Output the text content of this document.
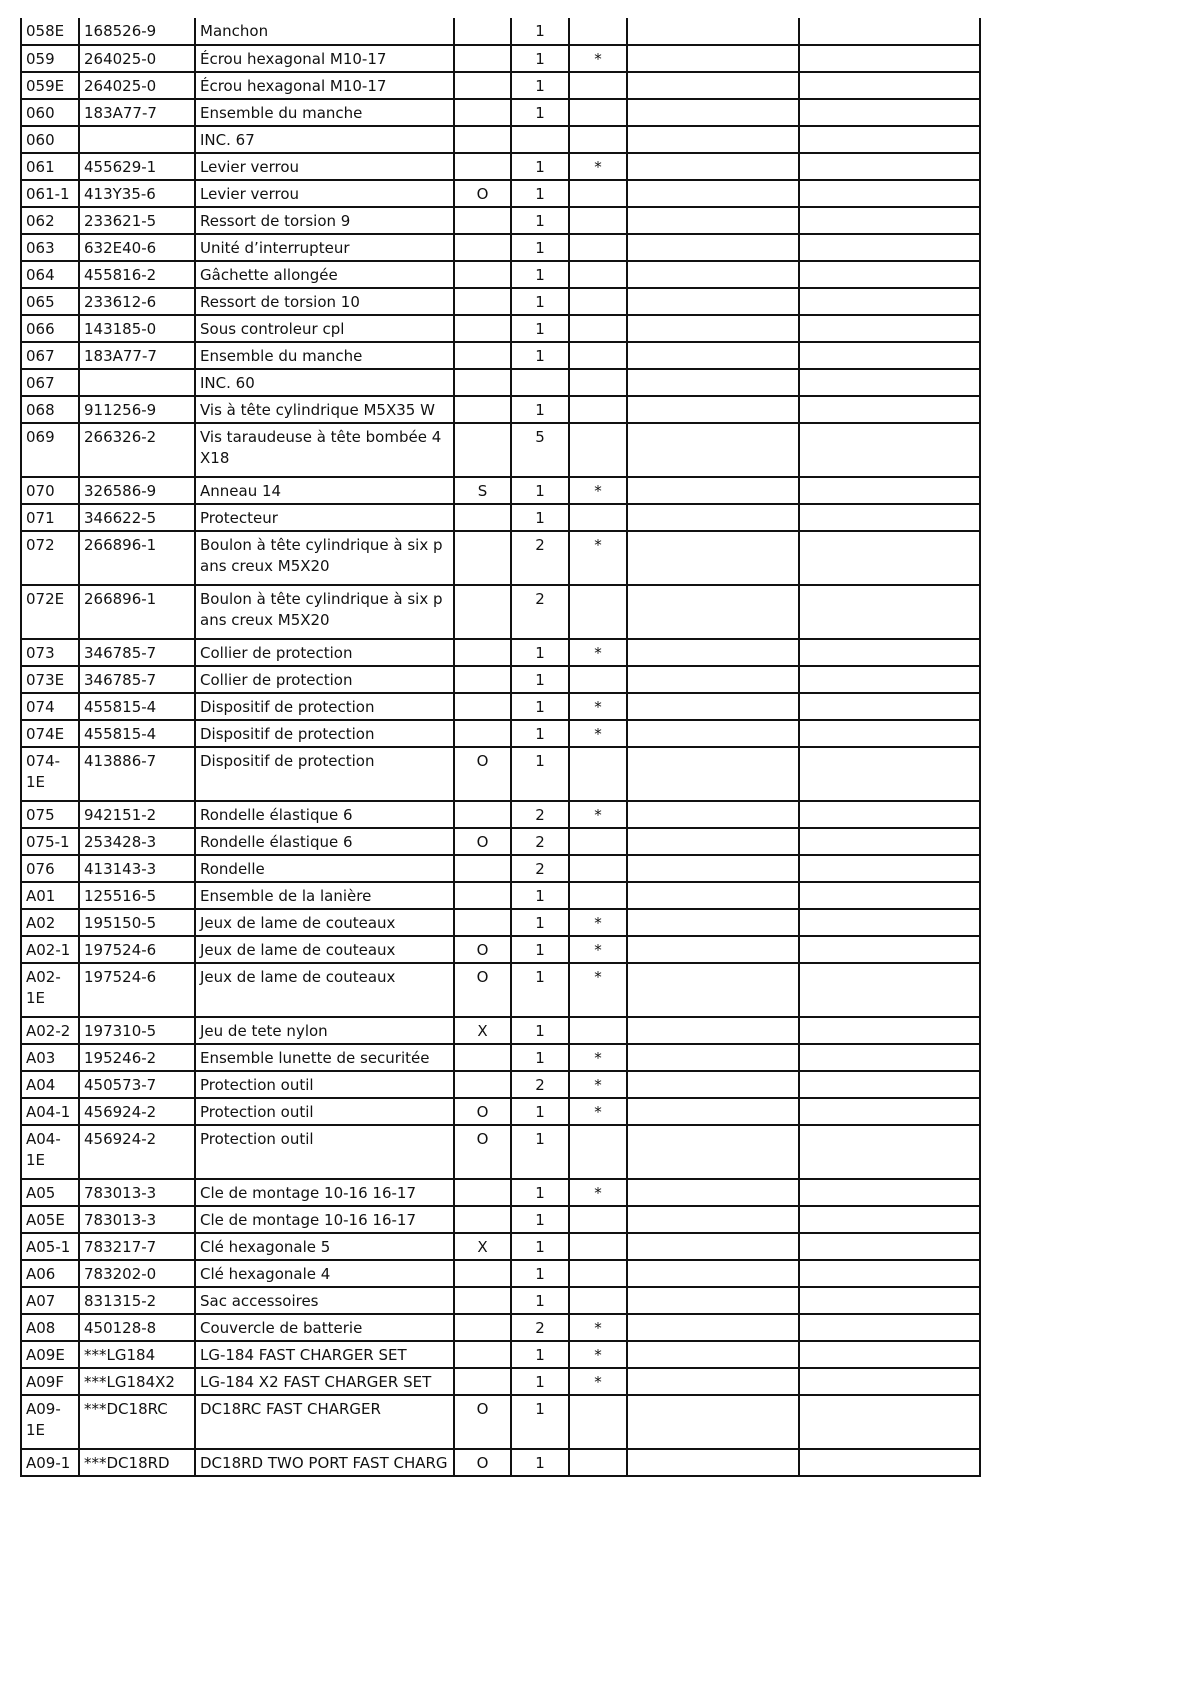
058E	168526-9	Manchon		1			
059	264025-0	Écrou hexagonal M10-17		1	*		
059E	264025-0	Écrou hexagonal M10-17		1			
060	183A77-7	Ensemble du manche		1			
060		INC. 67					
061	455629-1	Levier verrou		1	*		
061-1	413Y35-6	Levier verrou	O	1			
062	233621-5	Ressort de torsion 9		1			
063	632E40-6	Unité d’interrupteur		1			
064	455816-2	Gâchette allongée		1			
065	233612-6	Ressort de torsion 10		1			
066	143185-0	Sous controleur cpl		1			
067	183A77-7	Ensemble du manche		1			
067		INC. 60					
068	911256-9	Vis à tête cylindrique M5X35 W		1			
069	266326-2	Vis taraudeuse à tête bombée 4X18		5			
070	326586-9	Anneau 14	S	1	*		
071	346622-5	Protecteur		1			
072	266896-1	Boulon à tête cylindrique à six pans creux M5X20		2	*		
072E	266896-1	Boulon à tête cylindrique à six pans creux M5X20		2			
073	346785-7	Collier de protection		1	*		
073E	346785-7	Collier de protection		1			
074	455815-4	Dispositif de protection		1	*		
074E	455815-4	Dispositif de protection		1	*		
074-1E	413886-7	Dispositif de protection	O	1			
075	942151-2	Rondelle élastique 6		2	*		
075-1	253428-3	Rondelle élastique 6	O	2			
076	413143-3	Rondelle		2			
A01	125516-5	Ensemble de la lanière		1			
A02	195150-5	Jeux de lame de couteaux		1	*		
A02-1	197524-6	Jeux de lame de couteaux	O	1	*		
A02-1E	197524-6	Jeux de lame de couteaux	O	1	*		
A02-2	197310-5	Jeu de tete nylon	X	1			
A03	195246-2	Ensemble lunette de securitée		1	*		
A04	450573-7	Protection outil		2	*		
A04-1	456924-2	Protection outil	O	1	*		
A04-1E	456924-2	Protection outil	O	1			
A05	783013-3	Cle de montage 10-16 16-17		1	*		
A05E	783013-3	Cle de montage 10-16 16-17		1			
A05-1	783217-7	Clé hexagonale 5	X	1			
A06	783202-0	Clé hexagonale 4		1			
A07	831315-2	Sac accessoires		1			
A08	450128-8	Couvercle de batterie		2	*		
A09E	***LG184	LG-184 FAST CHARGER SET		1	*		
A09F	***LG184X2	LG-184 X2 FAST CHARGER SET		1	*		
A09-1E	***DC18RC	DC18RC FAST CHARGER	O	1			
A09-1	***DC18RD	DC18RD TWO PORT FAST CHARG	O	1			
